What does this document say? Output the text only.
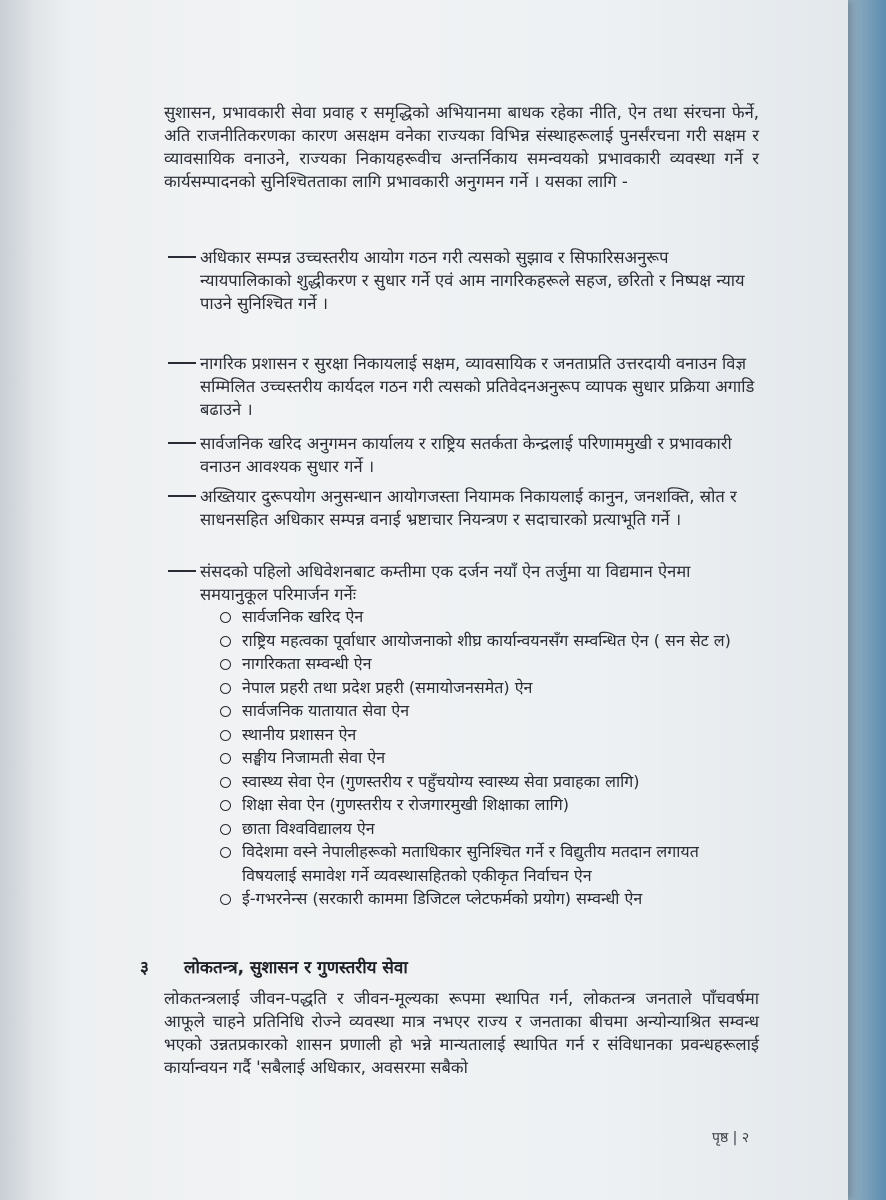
सुशासन, प्रभावकारी सेवा प्रवाह र समृद्धिको अभियानमा बाधक रहेका नीति, ऐन तथा संरचना फेर्ने, अति राजनीतिकरणका कारण असक्षम वनेका राज्यका विभिन्न संस्थाहरूलाई पुनर्संरचना गरी सक्षम र व्यावसायिक वनाउने, राज्यका निकायहरूवीच अन्तर्निकाय समन्वयको प्रभावकारी व्यवस्था गर्ने र कार्यसम्पादनको सुनिश्चितताका लागि प्रभावकारी अनुगमन गर्ने । यसका लागि -

अधिकार सम्पन्न उच्चस्तरीय आयोग गठन गरी त्यसको सुझाव र सिफारिसअनुरूप न्यायपालिकाको शुद्धीकरण र सुधार गर्ने एवं आम नागरिकहरूले सहज, छरितो र निष्पक्ष न्याय पाउने सुनिश्चित गर्ने ।
नागरिक प्रशासन र सुरक्षा निकायलाई सक्षम, व्यावसायिक र जनताप्रति उत्तरदायी वनाउन विज्ञ सम्मिलित उच्चस्तरीय कार्यदल गठन गरी त्यसको प्रतिवेदनअनुरूप व्यापक सुधार प्रक्रिया अगाडि बढाउने ।
सार्वजनिक खरिद अनुगमन कार्यालय र राष्ट्रिय सतर्कता केन्द्रलाई परिणाममुखी र प्रभावकारी वनाउन आवश्यक सुधार गर्ने ।
अख्तियार दुरूपयोग अनुसन्धान आयोगजस्ता नियामक निकायलाई कानुन, जनशक्ति, स्रोत र साधनसहित अधिकार सम्पन्न वनाई भ्रष्टाचार नियन्त्रण र सदाचारको प्रत्याभूति गर्ने ।
संसदको पहिलो अधिवेशनबाट कम्तीमा एक दर्जन नयाँ ऐन तर्जुमा या विद्यमान ऐनमा समयानुकूल परिमार्जन गर्नेः
सार्वजनिक खरिद ऐन
राष्ट्रिय महत्वका पूर्वाधार आयोजनाको शीघ्र कार्यान्वयनसँग सम्वन्धित ऐन ( सन सेट ल)
नागरिकता सम्वन्धी ऐन
नेपाल प्रहरी तथा प्रदेश प्रहरी (समायोजनसमेत) ऐन
सार्वजनिक यातायात सेवा ऐन
स्थानीय प्रशासन ऐन
सङ्घीय निजामती सेवा ऐन
स्वास्थ्य सेवा ऐन (गुणस्तरीय र पहुँचयोग्य स्वास्थ्य सेवा प्रवाहका लागि)
शिक्षा सेवा ऐन (गुणस्तरीय र रोजगारमुखी शिक्षाका लागि)
छाता विश्वविद्यालय ऐन
विदेशमा वस्ने नेपालीहरूको मताधिकार सुनिश्चित गर्ने र विद्युतीय मतदान लगायत विषयलाई समावेश गर्ने व्यवस्थासहितको एकीकृत निर्वाचन ऐन
ई-गभरनेन्स (सरकारी काममा डिजिटल प्लेटफर्मको प्रयोग) सम्वन्धी ऐन
३ लोकतन्त्र, सुशासन र गुणस्तरीय सेवा

लोकतन्त्रलाई जीवन-पद्धति र जीवन-मूल्यका रूपमा स्थापित गर्न, लोकतन्त्र जनताले पाँचवर्षमा आफूले चाहने प्रतिनिधि रोज्ने व्यवस्था मात्र नभएर राज्य र जनताका बीचमा अन्योन्याश्रित सम्वन्ध भएको उन्नतप्रकारको शासन प्रणाली हो भन्ने मान्यतालाई स्थापित गर्न र संविधानका प्रवन्धहरूलाई कार्यान्वयन गर्दै 'सबैलाई अधिकार, अवसरमा सबैको

पृष्ठ | २
